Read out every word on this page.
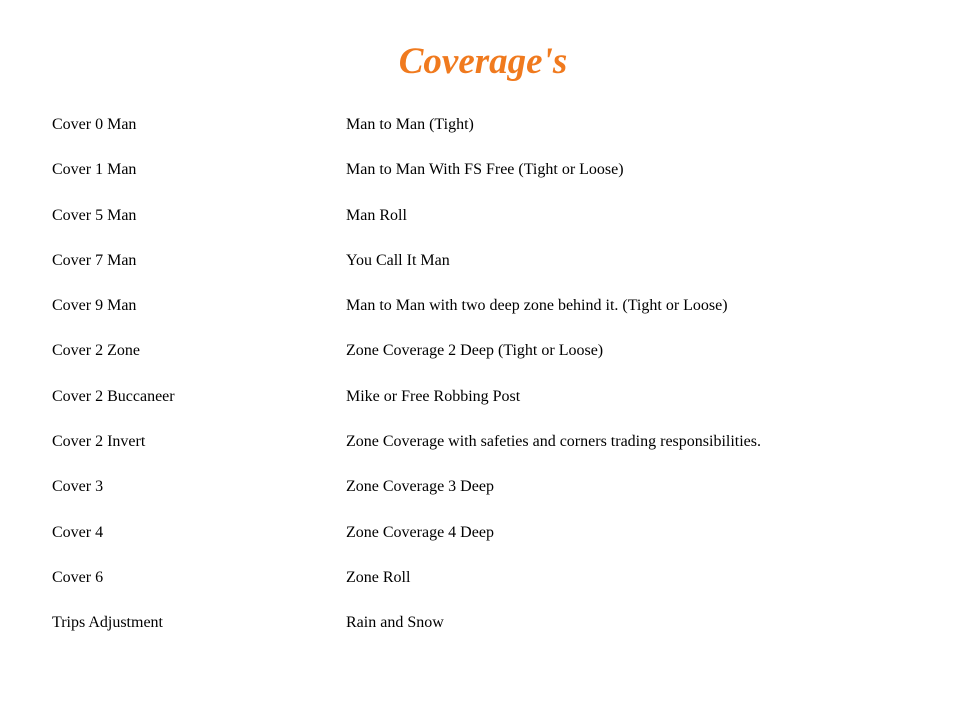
Coverage's
Cover 0 Man	Man to Man (Tight)
Cover 1 Man	Man to Man With FS Free (Tight or Loose)
Cover 5 Man	Man Roll
Cover 7 Man	You Call It Man
Cover 9 Man	Man to Man with two deep zone behind it. (Tight or Loose)
Cover 2 Zone	Zone Coverage 2 Deep (Tight or Loose)
Cover 2 Buccaneer	Mike or Free Robbing Post
Cover 2 Invert	Zone Coverage with safeties and corners trading responsibilities.
Cover 3	Zone Coverage 3 Deep
Cover 4	Zone Coverage 4 Deep
Cover 6	Zone Roll
Trips Adjustment	Rain and Snow
